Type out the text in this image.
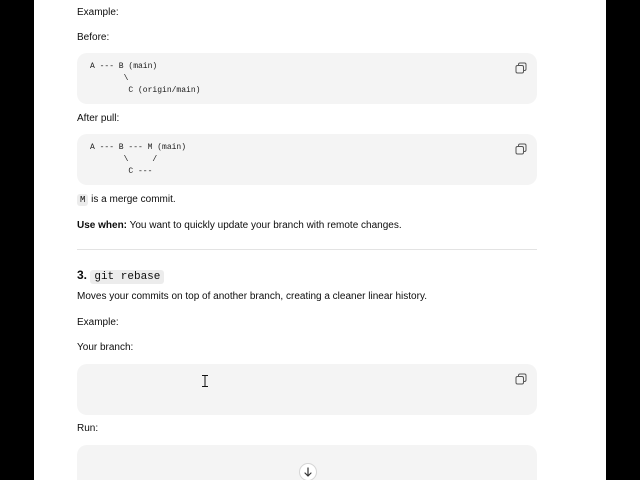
Example:
Before:
A --- B (main)
\
C (origin/main)
After pull:
A --- B --- M (main)
\     /
C ---
M is a merge commit.
Use when: You want to quickly update your branch with remote changes.
3. git rebase
Moves your commits on top of another branch, creating a cleaner linear history.
Example:
Your branch:
Run:
